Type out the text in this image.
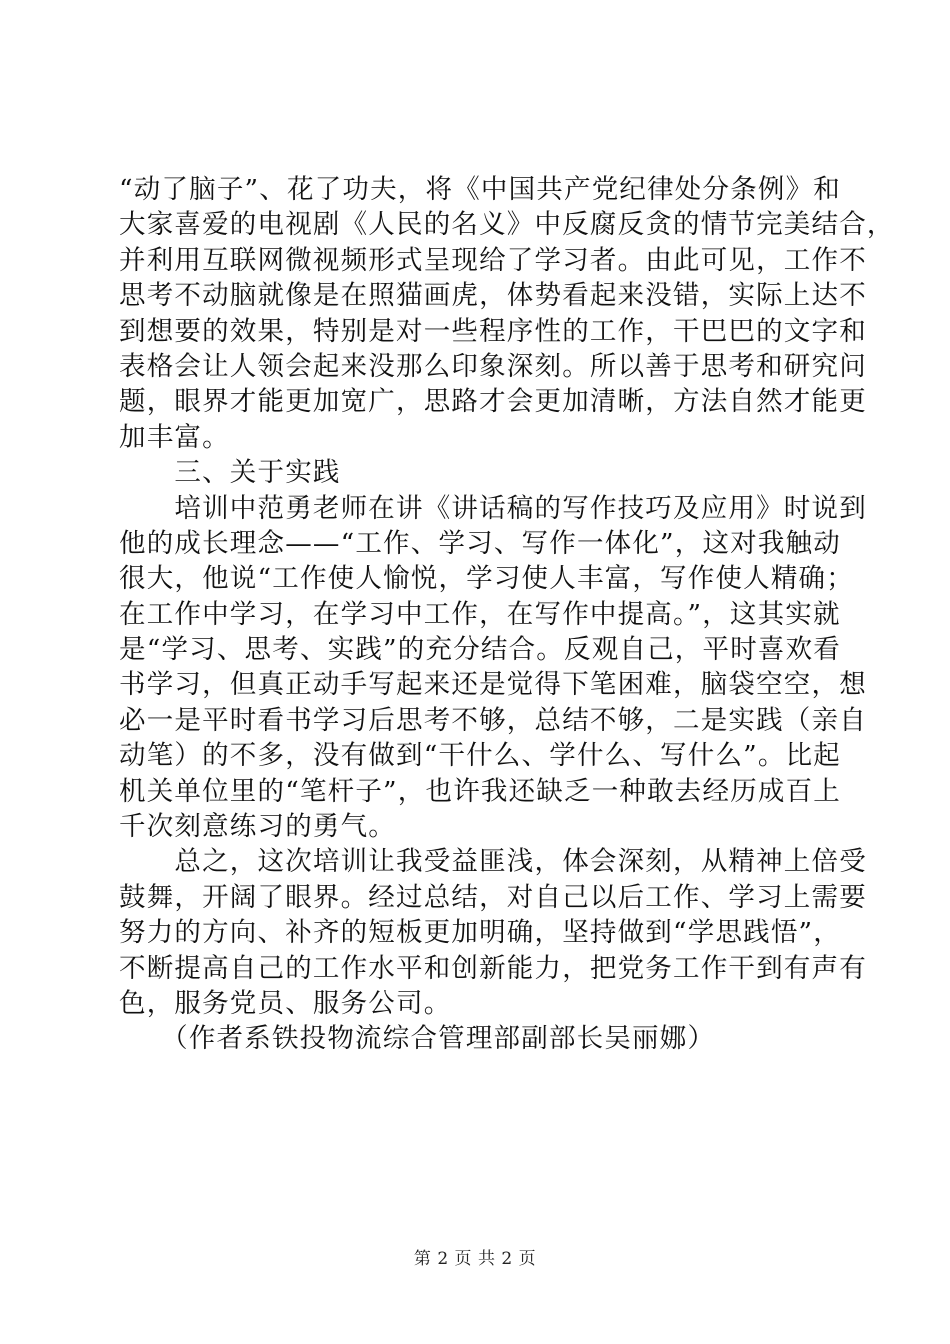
“动了脑子”、花了功夫，将《中国共产党纪律处分条例》和
大家喜爱的电视剧《人民的名义》中反腐反贪的情节完美结合，
并利用互联网微视频形式呈现给了学习者。由此可见，工作不
思考不动脑就像是在照猫画虎，体势看起来没错，实际上达不
到想要的效果，特别是对一些程序性的工作，干巴巴的文字和
表格会让人领会起来没那么印象深刻。所以善于思考和研究问
题，眼界才能更加宽广，思路才会更加清晰，方法自然才能更
加丰富。
　　三、关于实践
　　培训中范勇老师在讲《讲话稿的写作技巧及应用》时说到
他的成长理念——“工作、学习、写作一体化”，这对我触动
很大，他说“工作使人愉悦，学习使人丰富，写作使人精确；
在工作中学习，在学习中工作，在写作中提高。”，这其实就
是“学习、思考、实践”的充分结合。反观自己，平时喜欢看
书学习，但真正动手写起来还是觉得下笔困难，脑袋空空，想
必一是平时看书学习后思考不够，总结不够，二是实践（亲自
动笔）的不多，没有做到“干什么、学什么、写什么”。比起
机关单位里的“笔杆子”，也许我还缺乏一种敢去经历成百上
千次刻意练习的勇气。
　　总之，这次培训让我受益匪浅，体会深刻，从精神上倍受
鼓舞，开阔了眼界。经过总结，对自己以后工作、学习上需要
努力的方向、补齐的短板更加明确，坚持做到“学思践悟”，
不断提高自己的工作水平和创新能力，把党务工作干到有声有
色，服务党员、服务公司。
　　（作者系铁投物流综合管理部副部长吴丽娜）
第 2 页 共 2 页
